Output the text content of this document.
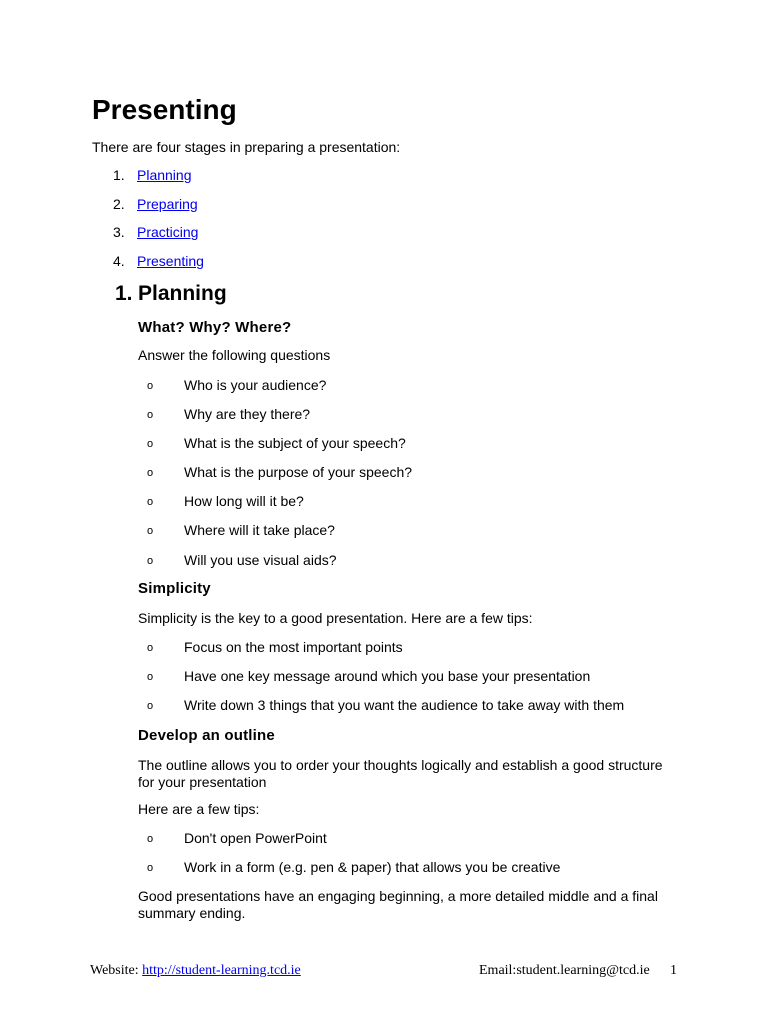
Presenting
There are four stages in preparing a presentation:
1. Planning
2. Preparing
3. Practicing
4. Presenting
1. Planning
What? Why? Where?
Answer the following questions
o Who is your audience?
o Why are they there?
o What is the subject of your speech?
o What is the purpose of your speech?
o How long will it be?
o Where will it take place?
o Will you use visual aids?
Simplicity
Simplicity is the key to a good presentation. Here are a few tips:
o Focus on the most important points
o Have one key message around which you base your presentation
o Write down 3 things that you want the audience to take away with them
Develop an outline
The outline allows you to order your thoughts logically and establish a good structure for your presentation
Here are a few tips:
o Don't open PowerPoint
o Work in a form (e.g. pen & paper) that allows you be creative
Good presentations have an engaging beginning, a more detailed middle and a final summary ending.
Website: http://student-learning.tcd.ie	Email:student.learning@tcd.ie 1
